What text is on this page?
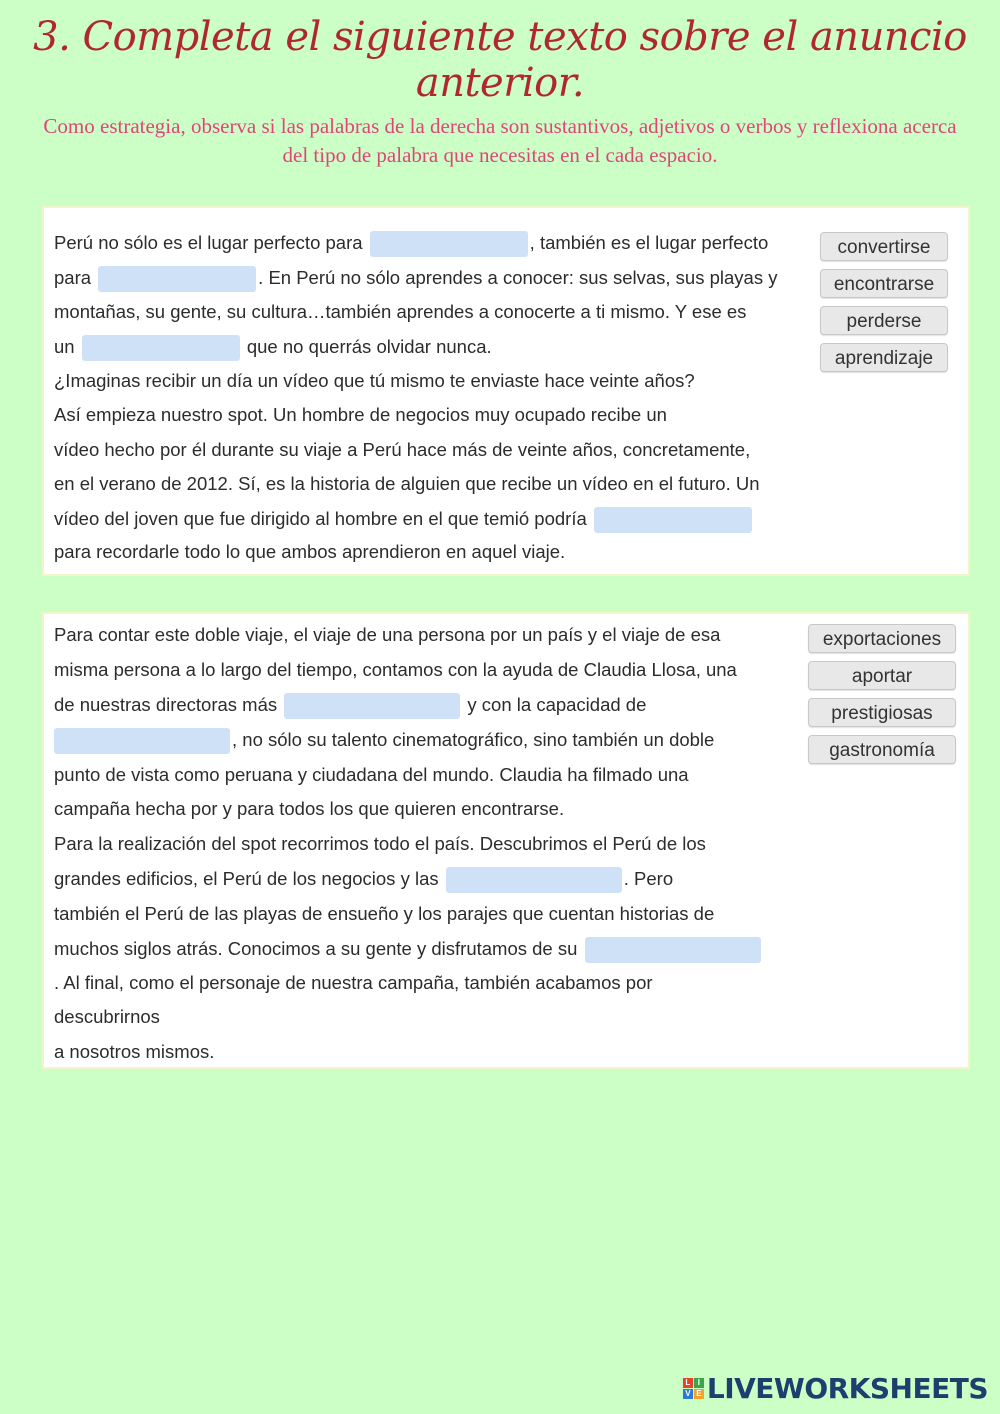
3. Completa el siguiente texto sobre el anuncio anterior.
Como estrategia, observa si las palabras de la derecha son sustantivos, adjetivos o verbos y reflexiona acerca del tipo de palabra que necesitas en el cada espacio.
Perú no sólo es el lugar perfecto para	, también es el lugar perfecto
para	. En Perú no sólo aprendes a conocer: sus selvas, sus playas y
montañas, su gente, su cultura…también aprendes a conocerte a ti mismo. Y ese es
un	que no querrás olvidar nunca.
¿Imaginas recibir un día un vídeo que tú mismo te enviaste hace veinte años?
Así empieza nuestro spot. Un hombre de negocios muy ocupado recibe un
vídeo hecho por él durante su viaje a Perú hace más de veinte años, concretamente,
en el verano de 2012. Sí, es la historia de alguien que recibe un vídeo en el futuro. Un
vídeo del joven que fue dirigido al hombre en el que temió podría
para recordarle todo lo que ambos aprendieron en aquel viaje.
convertirse
encontrarse
perderse
aprendizaje
Para contar este doble viaje, el viaje de una persona por un país y el viaje de esa
misma persona a lo largo del tiempo, contamos con la ayuda de Claudia Llosa, una
de nuestras directoras más	y con la capacidad de
, no sólo su talento cinematográfico, sino también un doble
punto de vista como peruana y ciudadana del mundo. Claudia ha filmado una
campaña hecha por y para todos los que quieren encontrarse.
Para la realización del spot recorrimos todo el país. Descubrimos el Perú de los
grandes edificios, el Perú de los negocios y las	. Pero
también el Perú de las playas de ensueño y los parajes que cuentan historias de
muchos siglos atrás. Conocimos a su gente y disfrutamos de su
. Al final, como el personaje de nuestra campaña, también acabamos por
descubrirnos
a nosotros mismos.
exportaciones
aportar
prestigiosas
gastronomía
L I
V E LIVEWORKSHEETS
